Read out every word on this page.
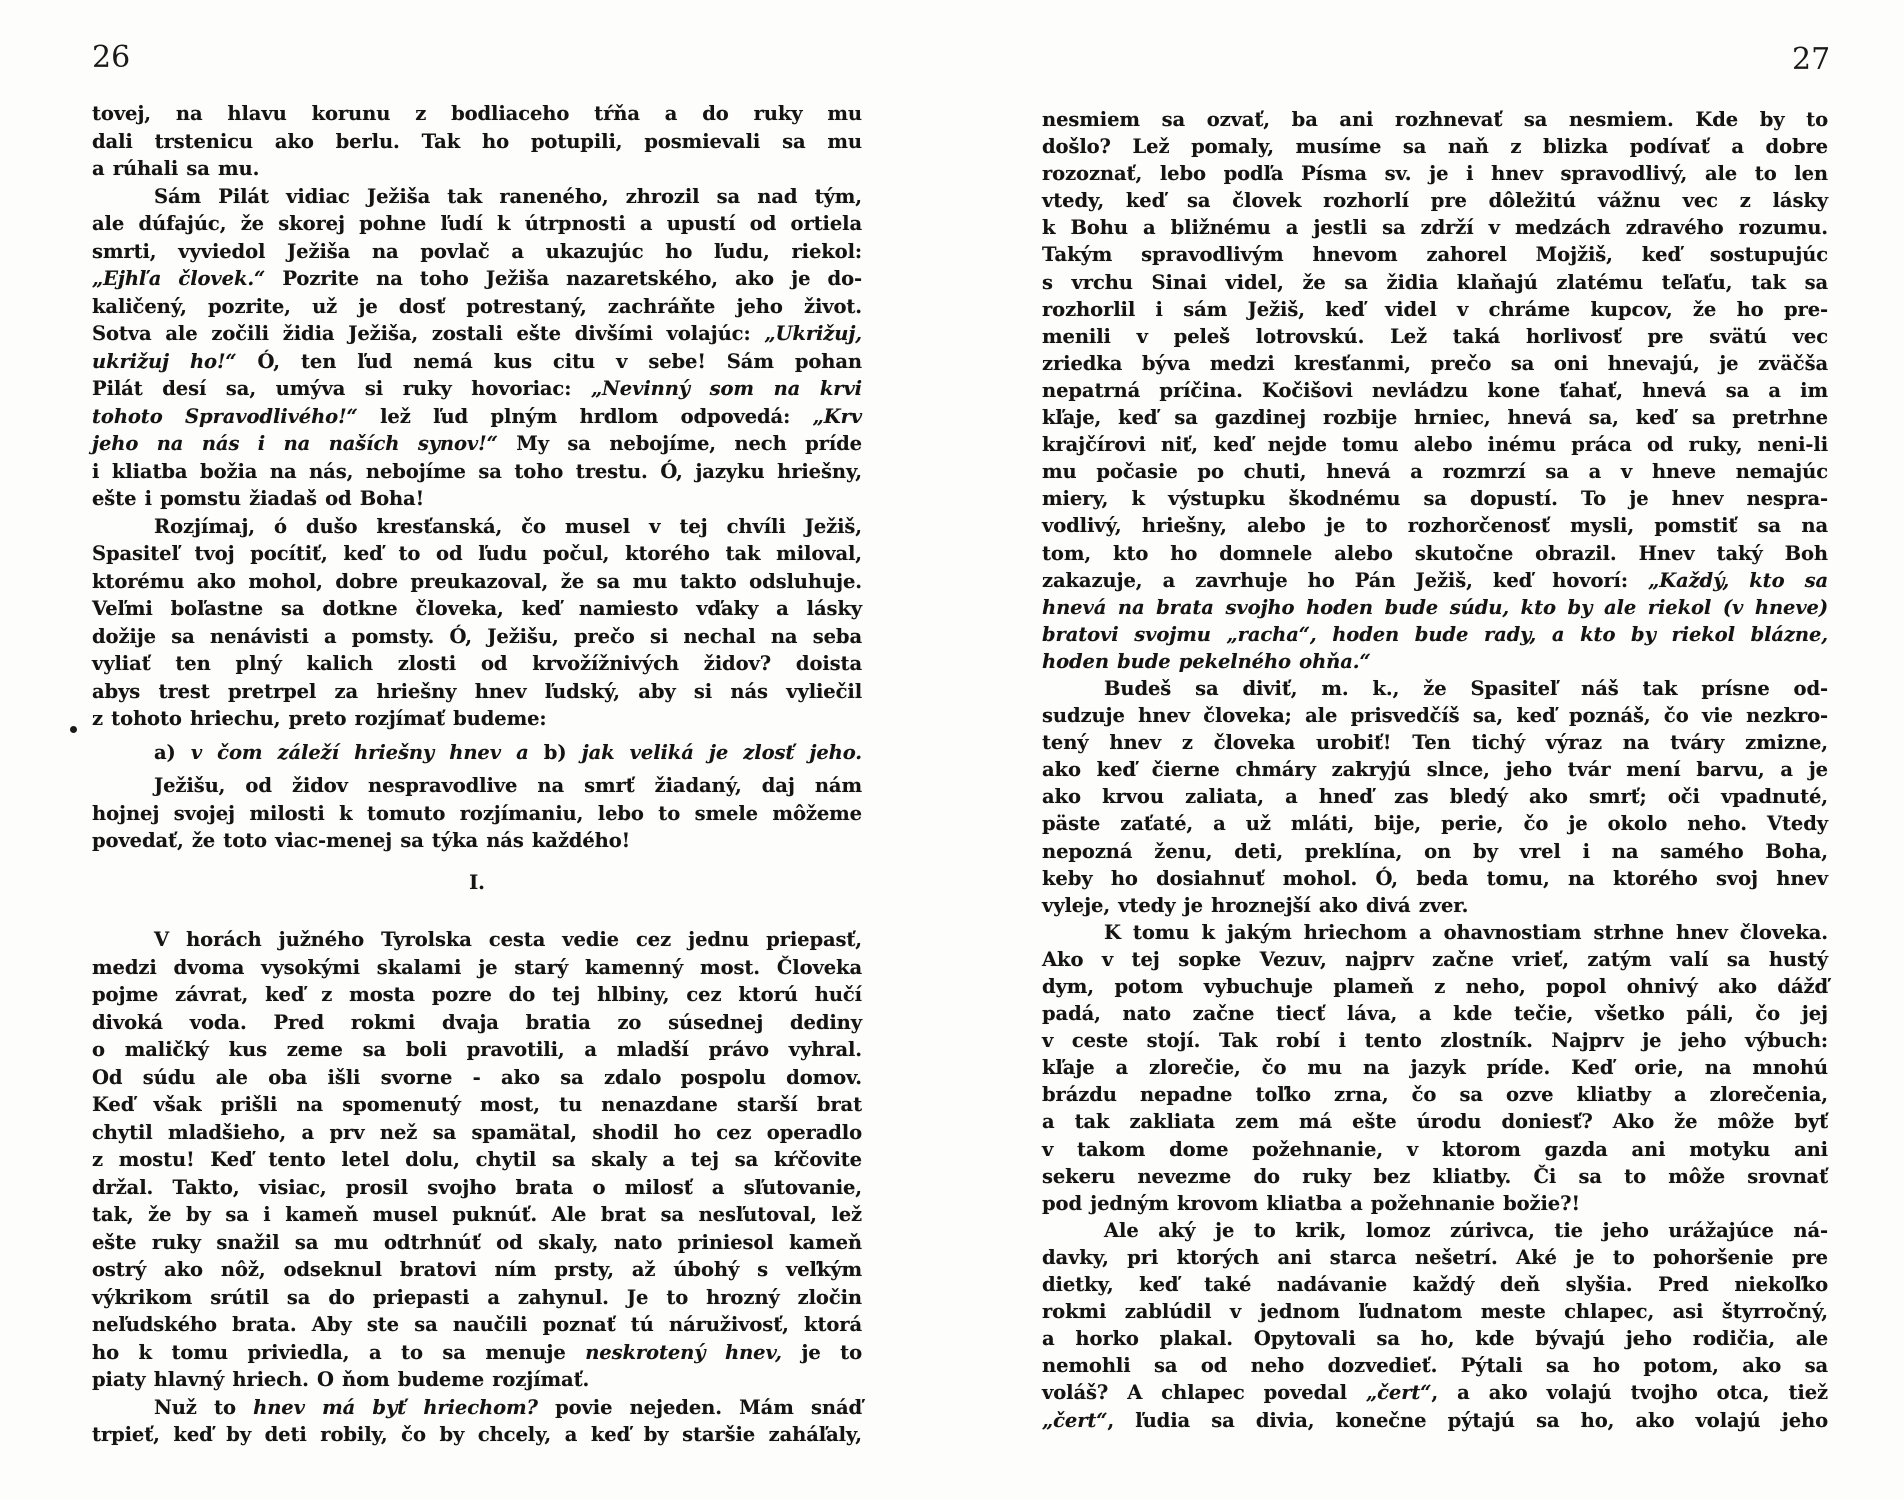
26	27
tovej, na hlavu korunu z bodliaceho tŕňa a do ruky mu
dali trstenicu ako berlu. Tak ho potupili, posmievali sa mu
a rúhali sa mu.
Sám Pilát vidiac Ježiša tak raneného, zhrozil sa nad tým,
ale dúfajúc, že skorej pohne ľudí k útrpnosti a upustí od ortiela
smrti, vyviedol Ježiša na povlač a ukazujúc ho ľudu, riekol:
„Ejhľa človek.“ Pozrite na toho Ježiša nazaretského, ako je do-
kaličený, pozrite, už je dosť potrestaný, zachráňte jeho život.
Sotva ale zočili židia Ježiša, zostali ešte divšími volajúc: „Ukrižuj,
ukrižuj ho!“ Ó, ten ľud nemá kus citu v sebe! Sám pohan
Pilát desí sa, umýva si ruky hovoriac: „Nevinný som na krvi
tohoto Spravodlivého!“ lež ľud plným hrdlom odpovedá: „Krv
jeho na nás i na naších synov!“ My sa nebojíme, nech príde
i kliatba božia na nás, nebojíme sa toho trestu. Ó, jazyku hriešny,
ešte i pomstu žiadaš od Boha!
Rozjímaj, ó dušo kresťanská, čo musel v tej chvíli Ježiš,
Spasiteľ tvoj pocítiť, keď to od ľudu počul, ktorého tak miloval,
ktorému ako mohol, dobre preukazoval, že sa mu takto odsluhuje.
Veľmi boľastne sa dotkne človeka, keď namiesto vďaky a lásky
dožije sa nenávisti a pomsty. Ó, Ježišu, prečo si nechal na seba
vyliať ten plný kalich zlosti od krvožížnivých židov? doista
abys trest pretrpel za hriešny hnev ľudský, aby si nás vyliečil
z tohoto hriechu, preto rozjímať budeme:
a) v čom záleží hriešny hnev a b) jak veliká je zlosť jeho.
Ježišu, od židov nespravodlive na smrť žiadaný, daj nám
hojnej svojej milosti k tomuto rozjímaniu, lebo to smele môžeme
povedať, že toto viac-menej sa týka nás každého!
I.
V horách južného Tyrolska cesta vedie cez jednu priepasť,
medzi dvoma vysokými skalami je starý kamenný most. Človeka
pojme závrat, keď z mosta pozre do tej hlbiny, cez ktorú hučí
divoká voda. Pred rokmi dvaja bratia zo súsednej dediny
o maličký kus zeme sa boli pravotili, a mladší právo vyhral.
Od súdu ale oba išli svorne - ako sa zdalo pospolu domov.
Keď však prišli na spomenutý most, tu nenazdane starší brat
chytil mladšieho, a prv než sa spamätal, shodil ho cez operadlo
z mostu! Keď tento letel dolu, chytil sa skaly a tej sa kŕčovite
držal. Takto, visiac, prosil svojho brata o milosť a sľutovanie,
tak, že by sa i kameň musel puknúť. Ale brat sa nesľutoval, lež
ešte ruky snažil sa mu odtrhnúť od skaly, nato priniesol kameň
ostrý ako nôž, odseknul bratovi ním prsty, až úbohý s veľkým
výkrikom srútil sa do priepasti a zahynul. Je to hrozný zločin
neľudského brata. Aby ste sa naučili poznať tú náruživosť, ktorá
ho k tomu priviedla, a to sa menuje neskrotený hnev, je to
piaty hlavný hriech. O ňom budeme rozjímať.
Nuž to hnev má byť hriechom? povie nejeden. Mám snáď
trpieť, keď by deti robily, čo by chcely, a keď by staršie zaháľaly,
nesmiem sa ozvať, ba ani rozhnevať sa nesmiem. Kde by to
došlo? Lež pomaly, musíme sa naň z blizka podívať a dobre
rozoznať, lebo podľa Písma sv. je i hnev spravodlivý, ale to len
vtedy, keď sa človek rozhorlí pre dôležitú vážnu vec z lásky
k Bohu a bližnému a jestli sa zdrží v medzách zdravého rozumu.
Takým spravodlivým hnevom zahorel Mojžiš, keď sostupujúc
s vrchu Sinai videl, že sa židia klaňajú zlatému teľaťu, tak sa
rozhorlil i sám Ježiš, keď videl v chráme kupcov, že ho pre-
menili v peleš lotrovskú. Lež taká horlivosť pre svätú vec
zriedka býva medzi kresťanmi, prečo sa oni hnevajú, je zväčša
nepatrná príčina. Kočišovi nevládzu kone ťahať, hnevá sa a im
kľaje, keď sa gazdinej rozbije hrniec, hnevá sa, keď sa pretrhne
krajčírovi niť, keď nejde tomu alebo inému práca od ruky, neni-li
mu počasie po chuti, hnevá a rozmrzí sa a v hneve nemajúc
miery, k výstupku škodnému sa dopustí. To je hnev nespra-
vodlivý, hriešny, alebo je to rozhorčenosť mysli, pomstiť sa na
tom, kto ho domnele alebo skutočne obrazil. Hnev taký Boh
zakazuje, a zavrhuje ho Pán Ježiš, keď hovorí: „Každý, kto sa
hnevá na brata svojho hoden bude súdu, kto by ale riekol (v hneve)
bratovi svojmu „racha“, hoden bude rady, a kto by riekol blázne,
hoden bude pekelného ohňa.“
Budeš sa diviť, m. k., že Spasiteľ náš tak prísne od-
sudzuje hnev človeka; ale prisvedčíš sa, keď poznáš, čo vie nezkro-
tený hnev z človeka urobiť! Ten tichý výraz na tváry zmizne,
ako keď čierne chmáry zakryjú slnce, jeho tvár mení barvu, a je
ako krvou zaliata, a hneď zas bledý ako smrť; oči vpadnuté,
päste zaťaté, a už mláti, bije, perie, čo je okolo neho. Vtedy
nepozná ženu, deti, preklína, on by vrel i na samého Boha,
keby ho dosiahnuť mohol. Ó, beda tomu, na ktorého svoj hnev
vyleje, vtedy je hroznejší ako divá zver.
K tomu k jakým hriechom a ohavnostiam strhne hnev človeka.
Ako v tej sopke Vezuv, najprv začne vrieť, zatým valí sa hustý
dym, potom vybuchuje plameň z neho, popol ohnivý ako dážď
padá, nato začne tiecť láva, a kde tečie, všetko páli, čo jej
v ceste stojí. Tak robí i tento zlostník. Najprv je jeho výbuch:
kľaje a zlorečie, čo mu na jazyk príde. Keď orie, na mnohú
brázdu nepadne toľko zrna, čo sa ozve kliatby a zlorečenia,
a tak zakliata zem má ešte úrodu doniesť? Ako že môže byť
v takom dome požehnanie, v ktorom gazda ani motyku ani
sekeru nevezme do ruky bez kliatby. Či sa to môže srovnať
pod jedným krovom kliatba a požehnanie božie?!
Ale aký je to krik, lomoz zúrivca, tie jeho urážajúce ná-
davky, pri ktorých ani starca nešetrí. Aké je to pohoršenie pre
dietky, keď také nadávanie každý deň slyšia. Pred niekoľko
rokmi zablúdil v jednom ľudnatom meste chlapec, asi štyrročný,
a horko plakal. Opytovali sa ho, kde bývajú jeho rodičia, ale
nemohli sa od neho dozvedieť. Pýtali sa ho potom, ako sa
voláš? A chlapec povedal „čert“, a ako volajú tvojho otca, tiež
„čert“, ľudia sa divia, konečne pýtajú sa ho, ako volajú jeho
